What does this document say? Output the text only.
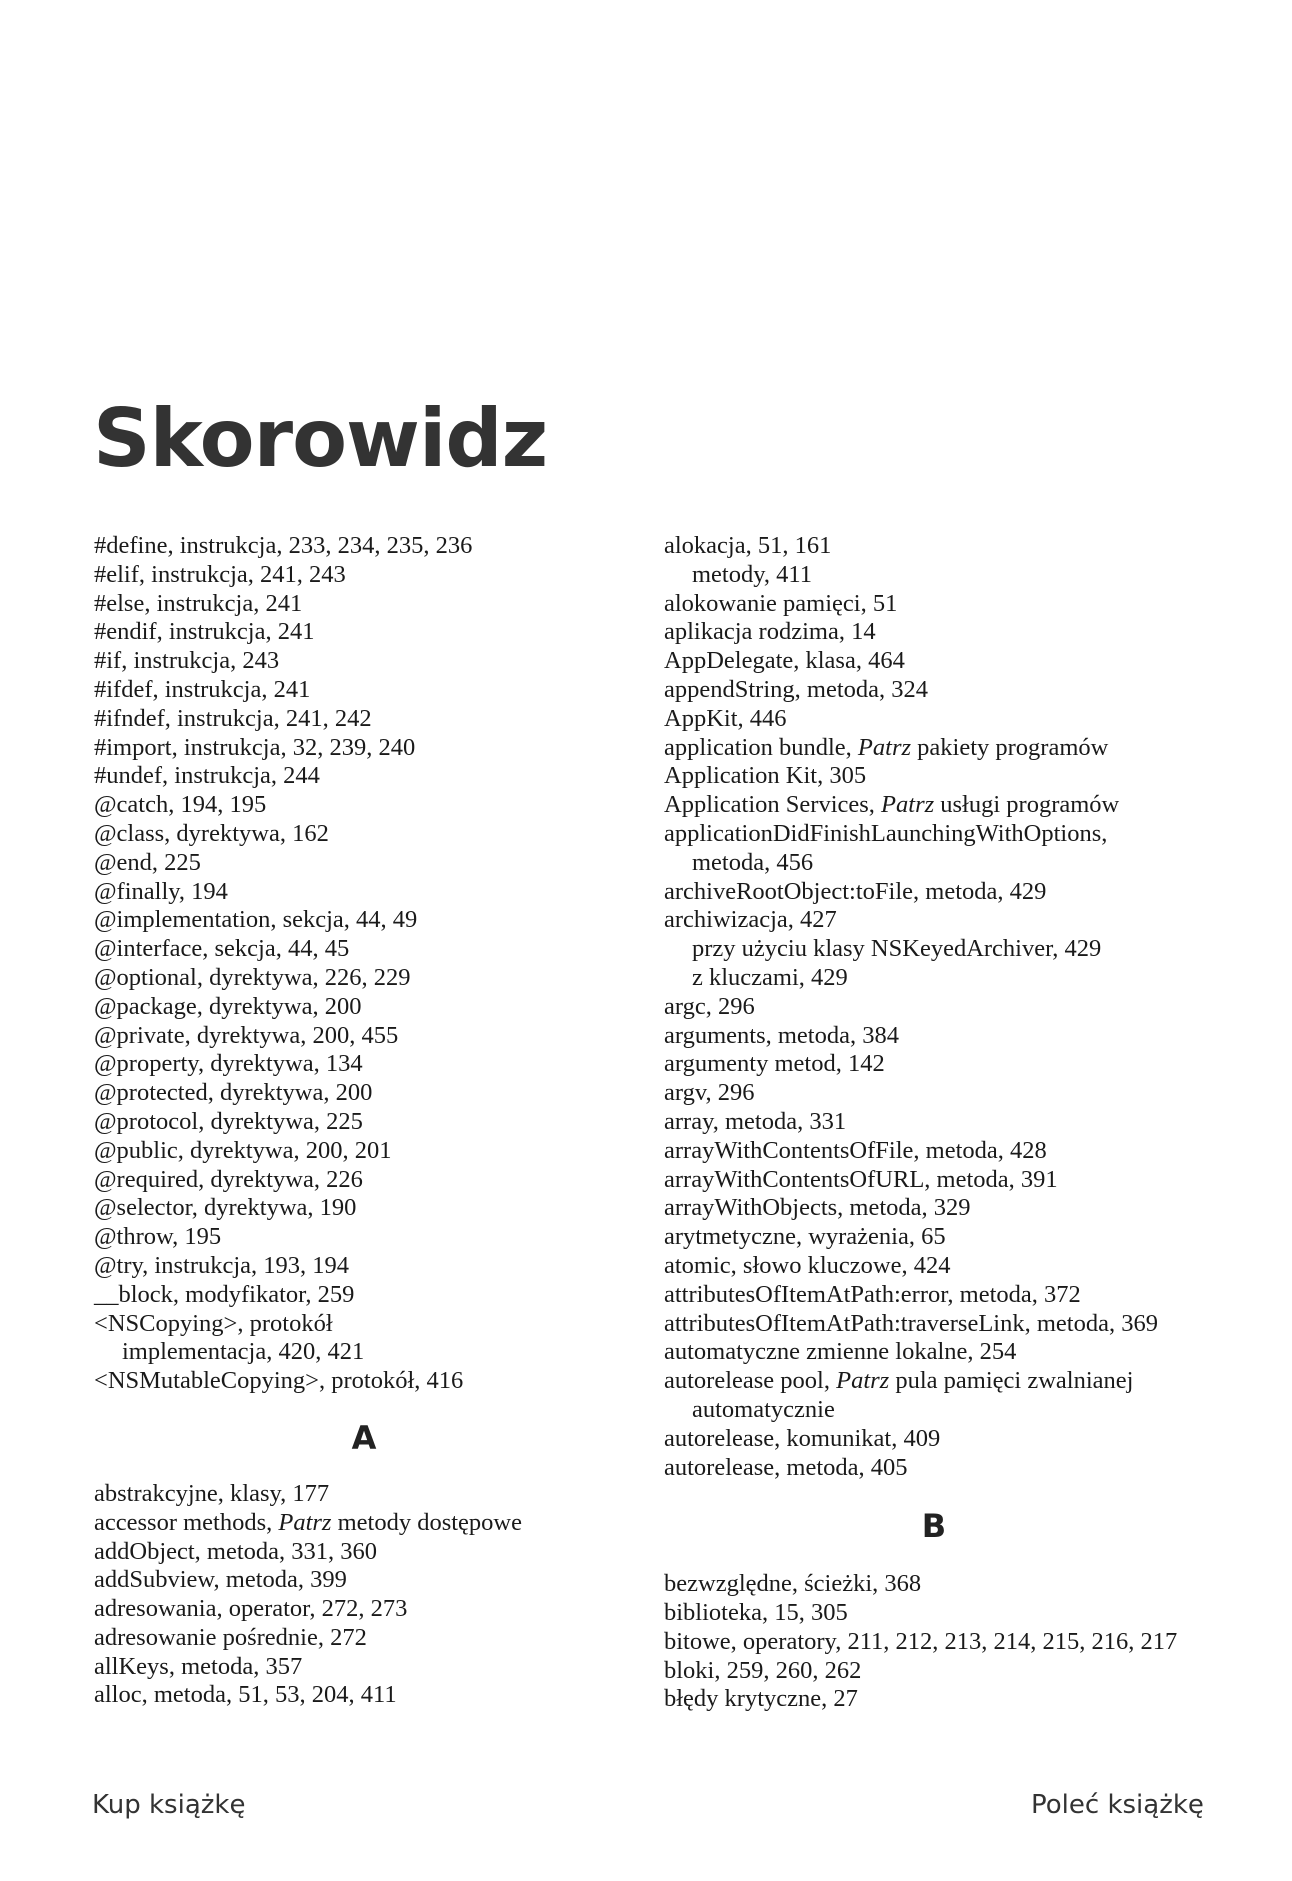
Skorowidz
#define, instrukcja, 233, 234, 235, 236
#elif, instrukcja, 241, 243
#else, instrukcja, 241
#endif, instrukcja, 241
#if, instrukcja, 243
#ifdef, instrukcja, 241
#ifndef, instrukcja, 241, 242
#import, instrukcja, 32, 239, 240
#undef, instrukcja, 244
@catch, 194, 195
@class, dyrektywa, 162
@end, 225
@finally, 194
@implementation, sekcja, 44, 49
@interface, sekcja, 44, 45
@optional, dyrektywa, 226, 229
@package, dyrektywa, 200
@private, dyrektywa, 200, 455
@property, dyrektywa, 134
@protected, dyrektywa, 200
@protocol, dyrektywa, 225
@public, dyrektywa, 200, 201
@required, dyrektywa, 226
@selector, dyrektywa, 190
@throw, 195
@try, instrukcja, 193, 194
__block, modyfikator, 259
<NSCopying>, protokół
implementacja, 420, 421
<NSMutableCopying>, protokół, 416
A
abstrakcyjne, klasy, 177
accessor methods, Patrz metody dostępowe
addObject, metoda, 331, 360
addSubview, metoda, 399
adresowania, operator, 272, 273
adresowanie pośrednie, 272
allKeys, metoda, 357
alloc, metoda, 51, 53, 204, 411
alokacja, 51, 161
metody, 411
alokowanie pamięci, 51
aplikacja rodzima, 14
AppDelegate, klasa, 464
appendString, metoda, 324
AppKit, 446
application bundle, Patrz pakiety programów
Application Kit, 305
Application Services, Patrz usługi programów
applicationDidFinishLaunchingWithOptions,
metoda, 456
archiveRootObject:toFile, metoda, 429
archiwizacja, 427
przy użyciu klasy NSKeyedArchiver, 429
z kluczami, 429
argc, 296
arguments, metoda, 384
argumenty metod, 142
argv, 296
array, metoda, 331
arrayWithContentsOfFile, metoda, 428
arrayWithContentsOfURL, metoda, 391
arrayWithObjects, metoda, 329
arytmetyczne, wyrażenia, 65
atomic, słowo kluczowe, 424
attributesOfItemAtPath:error, metoda, 372
attributesOfItemAtPath:traverseLink, metoda, 369
automatyczne zmienne lokalne, 254
autorelease pool, Patrz pula pamięci zwalnianej
automatycznie
autorelease, komunikat, 409
autorelease, metoda, 405
B
bezwzględne, ścieżki, 368
biblioteka, 15, 305
bitowe, operatory, 211, 212, 213, 214, 215, 216, 217
bloki, 259, 260, 262
błędy krytyczne, 27
Kup książkę	Poleć książkę
